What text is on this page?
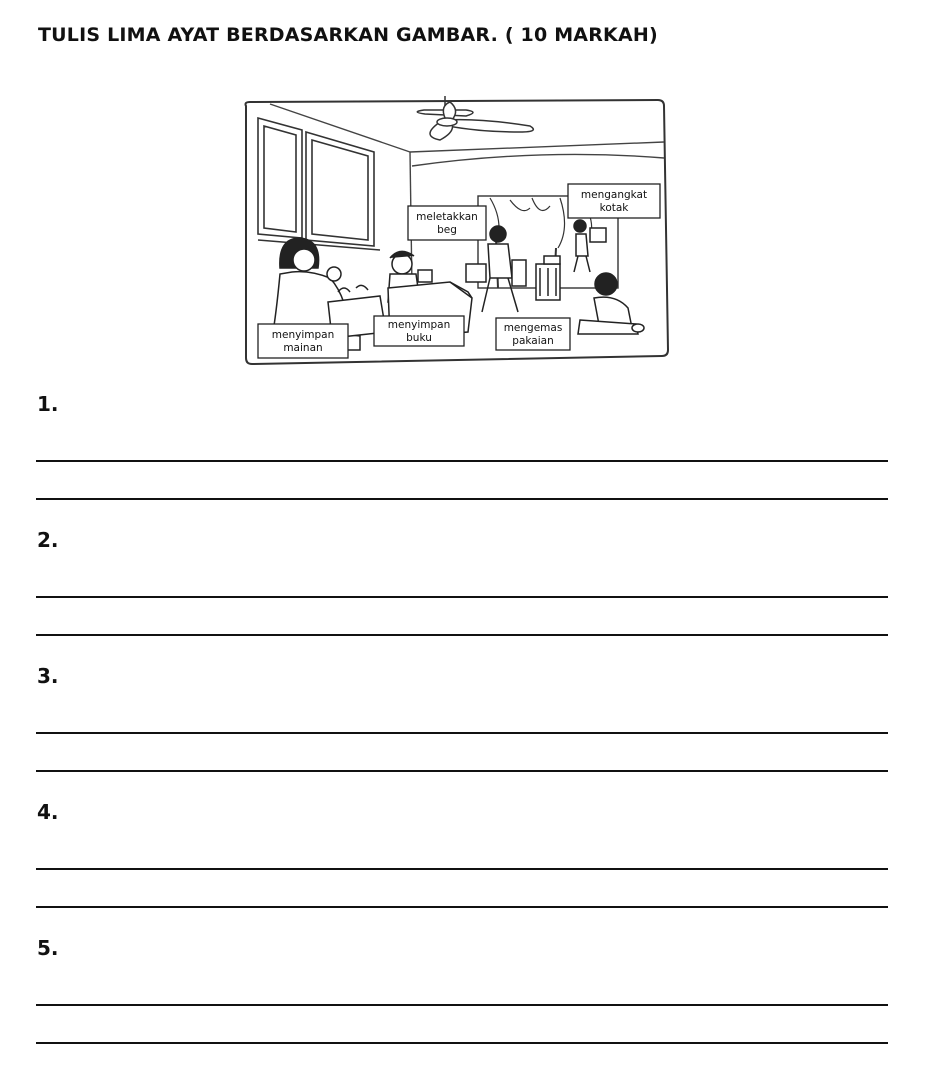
TULIS LIMA AYAT BERDASARKAN GAMBAR. ( 10 MARKAH)
meletakkan
beg
mengangkat
kotak
menyimpan
mainan
menyimpan
buku
mengemas
pakaian
1.
2.
3.
4.
5.
